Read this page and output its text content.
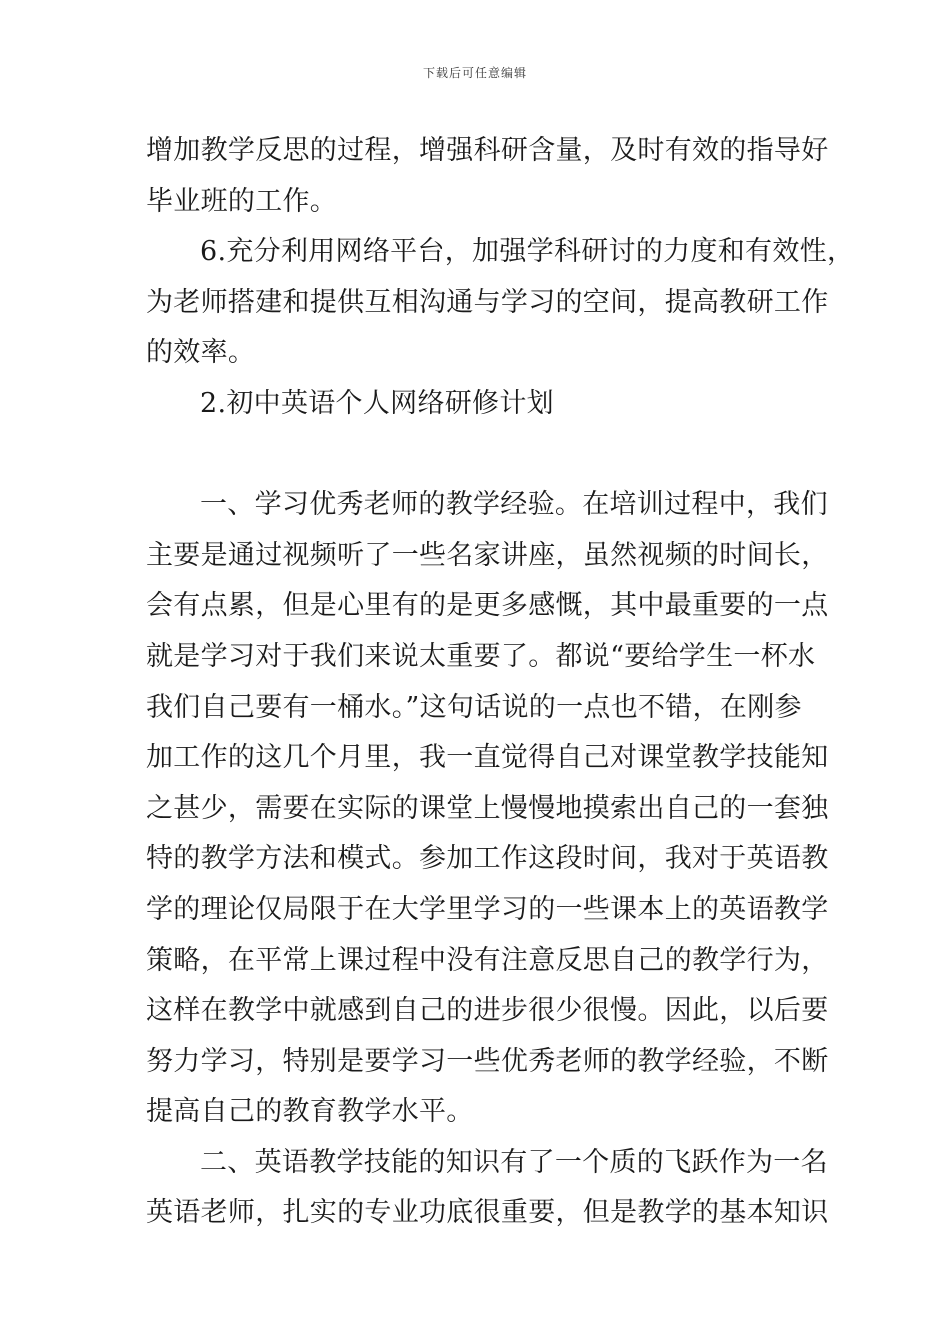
下载后可任意编辑
增加教学反思的过程，增强科研含量，及时有效的指导好
毕业班的工作。
6.充分利用网络平台，加强学科研讨的力度和有效性，
为老师搭建和提供互相沟通与学习的空间，提高教研工作
的效率。
2.初中英语个人网络研修计划
一、学习优秀老师的教学经验。在培训过程中，我们
主要是通过视频听了一些名家讲座，虽然视频的时间长，
会有点累，但是心里有的是更多感慨，其中最重要的一点
就是学习对于我们来说太重要了。都说“要给学生一杯水
我们自己要有一桶水。”这句话说的一点也不错，在刚参
加工作的这几个月里，我一直觉得自己对课堂教学技能知
之甚少，需要在实际的课堂上慢慢地摸索出自己的一套独
特的教学方法和模式。参加工作这段时间，我对于英语教
学的理论仅局限于在大学里学习的一些课本上的英语教学
策略，在平常上课过程中没有注意反思自己的教学行为，
这样在教学中就感到自己的进步很少很慢。因此，以后要
努力学习，特别是要学习一些优秀老师的教学经验，不断
提高自己的教育教学水平。
二、英语教学技能的知识有了一个质的飞跃作为一名
英语老师，扎实的专业功底很重要，但是教学的基本知识
